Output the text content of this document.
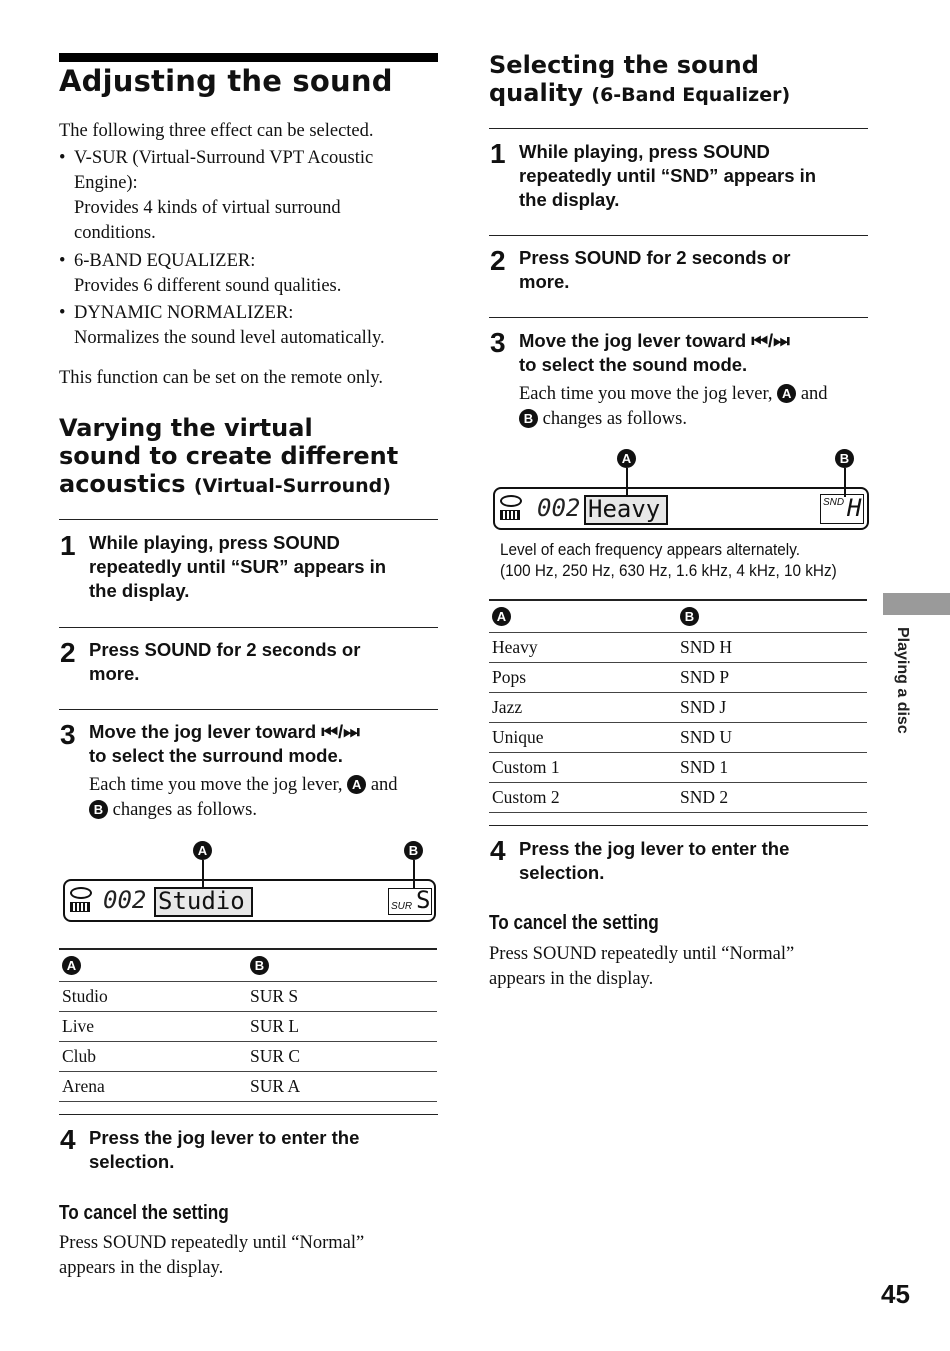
Adjusting the sound
The following three effect can be selected.
• V-SUR (Virtual-Surround VPT Acoustic
Engine):
Provides 4 kinds of virtual surround
conditions.
• 6-BAND EQUALIZER:
Provides 6 different sound qualities.
• DYNAMIC NORMALIZER:
Normalizes the sound level automatically.
This function can be set on the remote only.
Varying the virtual
sound to create different
acoustics (Virtual-Surround)
1 While playing, press SOUND
repeatedly until “SUR” appears in
the display.
2 Press SOUND for 2 seconds or
more.
3 Move the jog lever toward ⏮/⏭
to select the surround mode.
Each time you move the jog lever, A and
B changes as follows.
A	B
002 Studio	SUR S
A	B
Studio	SUR S
Live	SUR L
Club	SUR C
Arena	SUR A
4 Press the jog lever to enter the
selection.
To cancel the setting
Press SOUND repeatedly until “Normal”
appears in the display.
Selecting the sound
quality (6-Band Equalizer)
1 While playing, press SOUND
repeatedly until “SND” appears in
the display.
2 Press SOUND for 2 seconds or
more.
3 Move the jog lever toward ⏮/⏭
to select the sound mode.
Each time you move the jog lever, A and
B changes as follows.
A	B
002 Heavy	SND H
Level of each frequency appears alternately.
(100 Hz, 250 Hz, 630 Hz, 1.6 kHz, 4 kHz, 10 kHz)
A	B
Heavy	SND H
Pops	SND P
Jazz	SND J
Unique	SND U
Custom 1	SND 1
Custom 2	SND 2
4 Press the jog lever to enter the
selection.
To cancel the setting
Press SOUND repeatedly until “Normal”
appears in the display.
Playing a disc
45
